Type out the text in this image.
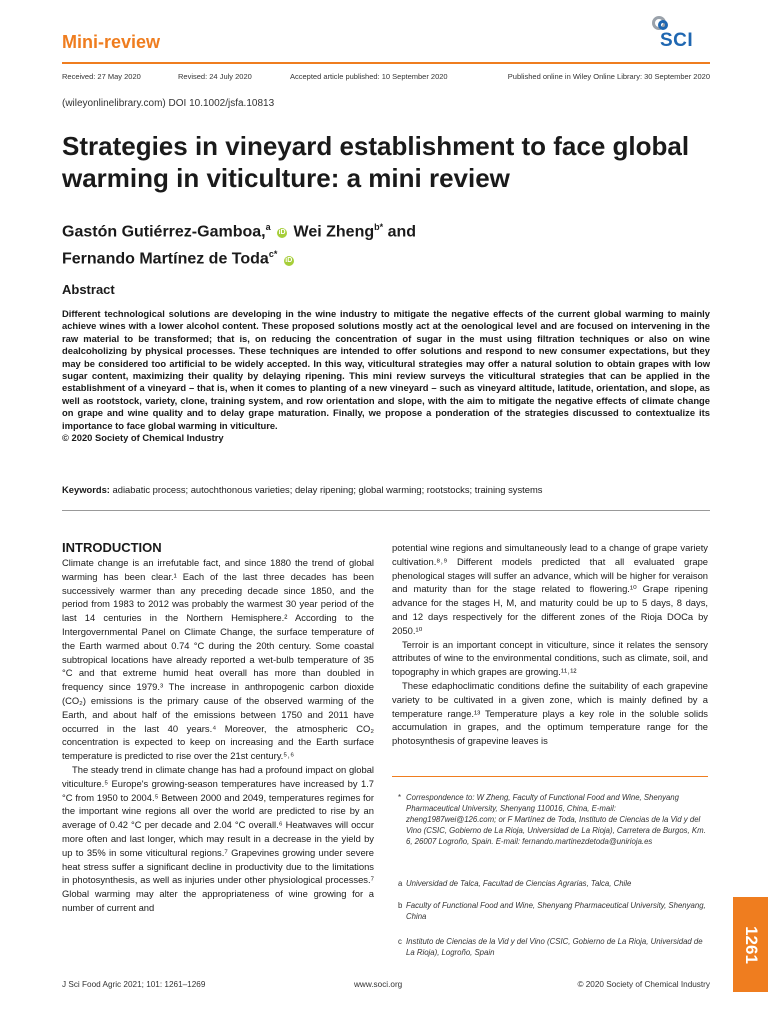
Mini-review	SCI
Received: 27 May 2020	Revised: 24 July 2020	Accepted article published: 10 September 2020	Published online in Wiley Online Library: 30 September 2020
(wileyonlinelibrary.com) DOI 10.1002/jsfa.10813
Strategies in vineyard establishment to face global warming in viticulture: a mini review
Gastón Gutiérrez-Gamboa,$^a$ iD Wei Zheng$^{b*}$ and
Fernando Martínez de Toda$^{c*}$ iD
Abstract
Different technological solutions are developing in the wine industry to mitigate the negative effects of the current global warming to mainly achieve wines with a lower alcohol content. These proposed solutions mostly act at the oenological level and are focused on intervening in the raw material to be transformed; that is, on reducing the concentration of sugar in the must using filtration techniques or also on wine dealcoholizing by physical processes. These techniques are intended to offer solutions and respond to new consumer expectations, but they may be considered too artificial to be widely accepted. In this way, viticultural strategies may offer a natural solution to obtain grapes with low sugar content, maximizing their quality by delaying ripening. This mini review surveys the viticultural strategies that can be applied in the establishment of a vineyard – that is, when it comes to planting of a new vineyard – such as vineyard altitude, latitude, orientation, and slope, as well as rootstock, variety, clone, training system, and row orientation and slope, with the aim to mitigate the negative effects of climate change on grape and wine quality and to delay grape maturation. Finally, we propose a ponderation of the strategies discussed to contextualize its importance to face global warming in viticulture.
© 2020 Society of Chemical Industry
Keywords: adiabatic process; autochthonous varieties; delay ripening; global warming; rootstocks; training systems
INTRODUCTION

Climate change is an irrefutable fact, and since 1880 the trend of global warming has been clear.¹ Each of the last three decades has been successively warmer than any preceding decade since 1850, and the period from 1983 to 2012 was probably the warmest 30 year period of the last 14 centuries in the Northern Hemisphere.² According to the Intergovernmental Panel on Climate Change, the surface temperature of the Earth warmed about 0.74 °C during the 20th century. Some coastal subtropical locations have already reported a wet-bulb temperature of 35 °C and that extreme humid heat overall has more than doubled in frequency since 1979.³ The increase in anthropogenic carbon dioxide (CO₂) emissions is the primary cause of the observed warming of the Earth, and about half of the emissions between 1750 and 2011 have occurred in the last 40 years.⁴ Moreover, the atmospheric CO₂ concentration is expected to keep on increasing and the Earth surface temperature is predicted to rise over the 21st century.⁵˒⁶

The steady trend in climate change has had a profound impact on global viticulture.⁵ Europe's growing-season temperatures have increased by 1.7 °C from 1950 to 2004.⁵ Between 2000 and 2049, temperatures regimes for the important wine regions all over the world are predicted to rise by an average of 0.42 °C per decade and 2.04 °C overall.⁶ Heatwaves will occur more often and last longer, which may result in a decrease in the yield by up to 35% in some viticultural regions.⁷ Grapevines growing under severe heat stress suffer a significant decline in productivity due to the limitations in photosynthesis, as well as injuries under other physiological processes.⁷ Global warming may alter the appropriateness of wine growing for a number of current and

potential wine regions and simultaneously lead to a change of grape variety cultivation.⁸˒⁹ Different models predicted that all evaluated grape phenological stages will suffer an advance, which will be higher for veraison and maturity than for the stage related to flowering.¹⁰ Grape ripening advance for the stages H, M, and maturity could be up to 5 days, 8 days, and 12 days respectively for the different zones of the Rioja DOCa by 2050.¹⁰

Terroir is an important concept in viticulture, since it relates the sensory attributes of wine to the environmental conditions, such as climate, soil, and topography in which grapes are growing.¹¹˒¹²

These edaphoclimatic conditions define the suitability of each grapevine variety to be cultivated in a given zone, which is mainly defined by a temperature range.¹³ Temperature plays a key role in the soluble solids accumulation in grapes, and the optimum temperature range for the photosynthesis of grapevine leaves is

* Correspondence to: W Zheng, Faculty of Functional Food and Wine, Shenyang Pharmaceutical University, Shenyang 110016, China, E-mail: zheng1987wei@126.com; or F Martínez de Toda, Instituto de Ciencias de la Vid y del Vino (CSIC, Gobierno de La Rioja, Universidad de La Rioja), Carretera de Burgos, Km. 6, 26007 Logroño, Spain. E-mail: fernando.martinezdetoda@unirioja.es
a Universidad de Talca, Facultad de Ciencias Agrarias, Talca, Chile
b Faculty of Functional Food and Wine, Shenyang Pharmaceutical University, Shenyang, China
c Instituto de Ciencias de la Vid y del Vino (CSIC, Gobierno de La Rioja, Universidad de La Rioja), Logroño, Spain
J Sci Food Agric 2021; 101: 1261–1269	www.soci.org	© 2020 Society of Chemical Industry
1261
